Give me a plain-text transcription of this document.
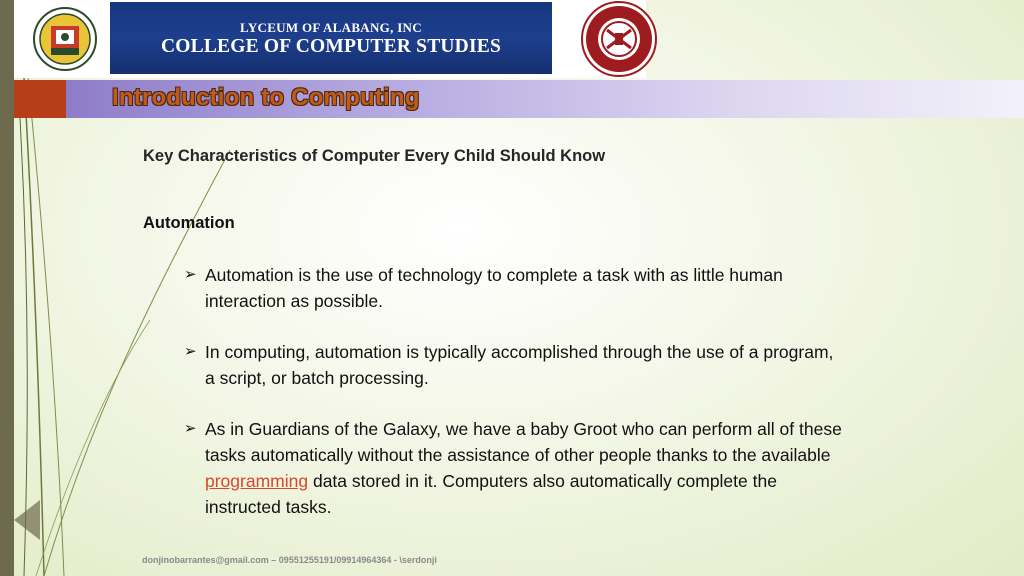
LYCEUM OF ALABANG, INC
COLLEGE OF COMPUTER STUDIES
Introduction to Computing
Key Characteristics of Computer Every Child Should Know
Automation
➢ Automation is the use of technology to complete a task with as little human interaction as possible.
➢ In computing, automation is typically accomplished through the use of a program, a script, or batch processing.
➢ As in Guardians of the Galaxy, we have a baby Groot who can perform all of these tasks automatically without the assistance of other people thanks to the available programming data stored in it. Computers also automatically complete the instructed tasks.
donjinobarrantes@gmail.com – 09551255191/09914964364 - \serdonji
